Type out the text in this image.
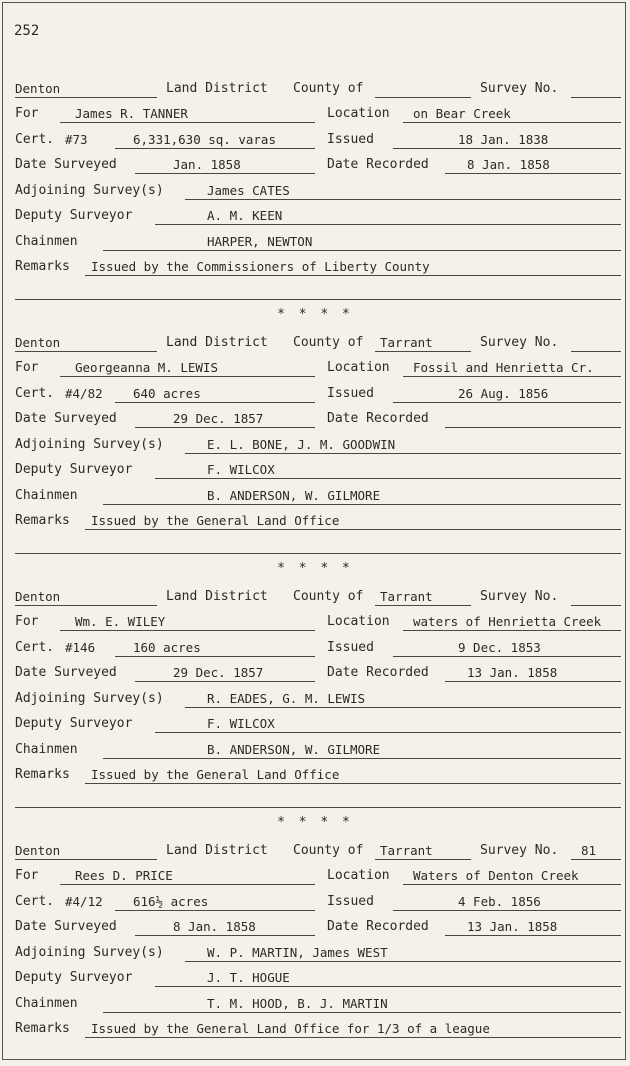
252
Denton	Land District County of	Survey No.
For	James R. TANNER	Location on Bear Creek
Cert. #73	6,331,630 sq. varas	Issued	18 Jan. 1838
Date Surveyed	Jan. 1858	Date Recorded	8 Jan. 1858
Adjoining Survey(s)	James CATES
Deputy Surveyor	A. M. KEEN
Chainmen	HARPER, NEWTON
Remarks Issued by the Commissioners of Liberty County
* * * *
Denton	Land District County of Tarrant	Survey No.
For	Georgeanna M. LEWIS	Location Fossil and Henrietta Cr.
Cert. #4/82 640 acres	Issued	26 Aug. 1856
Date Surveyed	29 Dec. 1857	Date Recorded
Adjoining Survey(s)	E. L. BONE, J. M. GOODWIN
Deputy Surveyor	F. WILCOX
Chainmen	B. ANDERSON, W. GILMORE
Remarks Issued by the General Land Office
* * * *
Denton	Land District County of Tarrant	Survey No.
For	Wm. E. WILEY	Location waters of Henrietta Creek
Cert. #146	160 acres	Issued	9 Dec. 1853
Date Surveyed	29 Dec. 1857	Date Recorded	13 Jan. 1858
Adjoining Survey(s)	R. EADES, G. M. LEWIS
Deputy Surveyor	F. WILCOX
Chainmen	B. ANDERSON, W. GILMORE
Remarks Issued by the General Land Office
* * * *
Denton	Land District County of Tarrant	Survey No. 81
For	Rees D. PRICE	Location Waters of Denton Creek
Cert. #4/12 616½ acres	Issued	4 Feb. 1856
Date Surveyed	8 Jan. 1858	Date Recorded	13 Jan. 1858
Adjoining Survey(s)	W. P. MARTIN, James WEST
Deputy Surveyor	J. T. HOGUE
Chainmen	T. M. HOOD, B. J. MARTIN
Remarks Issued by the General Land Office for 1/3 of a league
